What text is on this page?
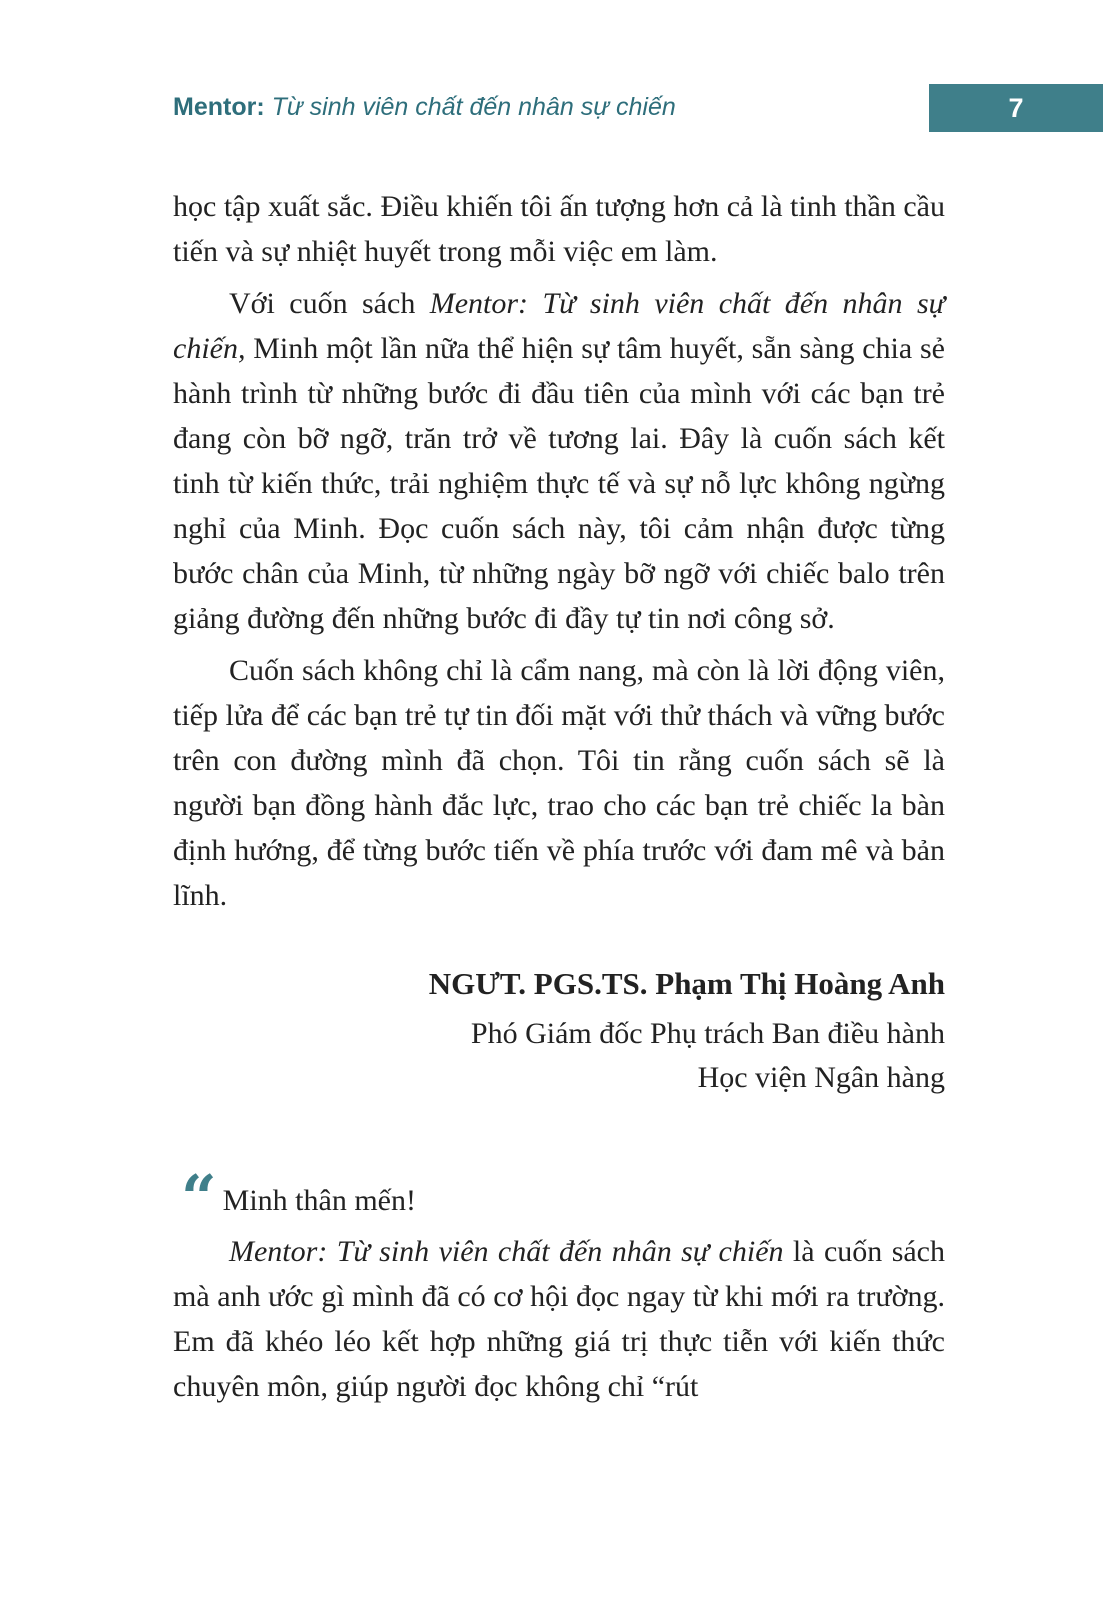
Mentor: Từ sinh viên chất đến nhân sự chiến	7

học tập xuất sắc. Điều khiến tôi ấn tượng hơn cả là tinh thần cầu tiến và sự nhiệt huyết trong mỗi việc em làm.

Với cuốn sách Mentor: Từ sinh viên chất đến nhân sự chiến, Minh một lần nữa thể hiện sự tâm huyết, sẵn sàng chia sẻ hành trình từ những bước đi đầu tiên của mình với các bạn trẻ đang còn bỡ ngỡ, trăn trở về tương lai. Đây là cuốn sách kết tinh từ kiến thức, trải nghiệm thực tế và sự nỗ lực không ngừng nghỉ của Minh. Đọc cuốn sách này, tôi cảm nhận được từng bước chân của Minh, từ những ngày bỡ ngỡ với chiếc balo trên giảng đường đến những bước đi đầy tự tin nơi công sở.

Cuốn sách không chỉ là cẩm nang, mà còn là lời động viên, tiếp lửa để các bạn trẻ tự tin đối mặt với thử thách và vững bước trên con đường mình đã chọn. Tôi tin rằng cuốn sách sẽ là người bạn đồng hành đắc lực, trao cho các bạn trẻ chiếc la bàn định hướng, để từng bước tiến về phía trước với đam mê và bản lĩnh.

NGƯT. PGS.TS. Phạm Thị Hoàng Anh
Phó Giám đốc Phụ trách Ban điều hành
Học viện Ngân hàng

“ Minh thân mến!

Mentor: Từ sinh viên chất đến nhân sự chiến là cuốn sách mà anh ước gì mình đã có cơ hội đọc ngay từ khi mới ra trường. Em đã khéo léo kết hợp những giá trị thực tiễn với kiến thức chuyên môn, giúp người đọc không chỉ “rút
